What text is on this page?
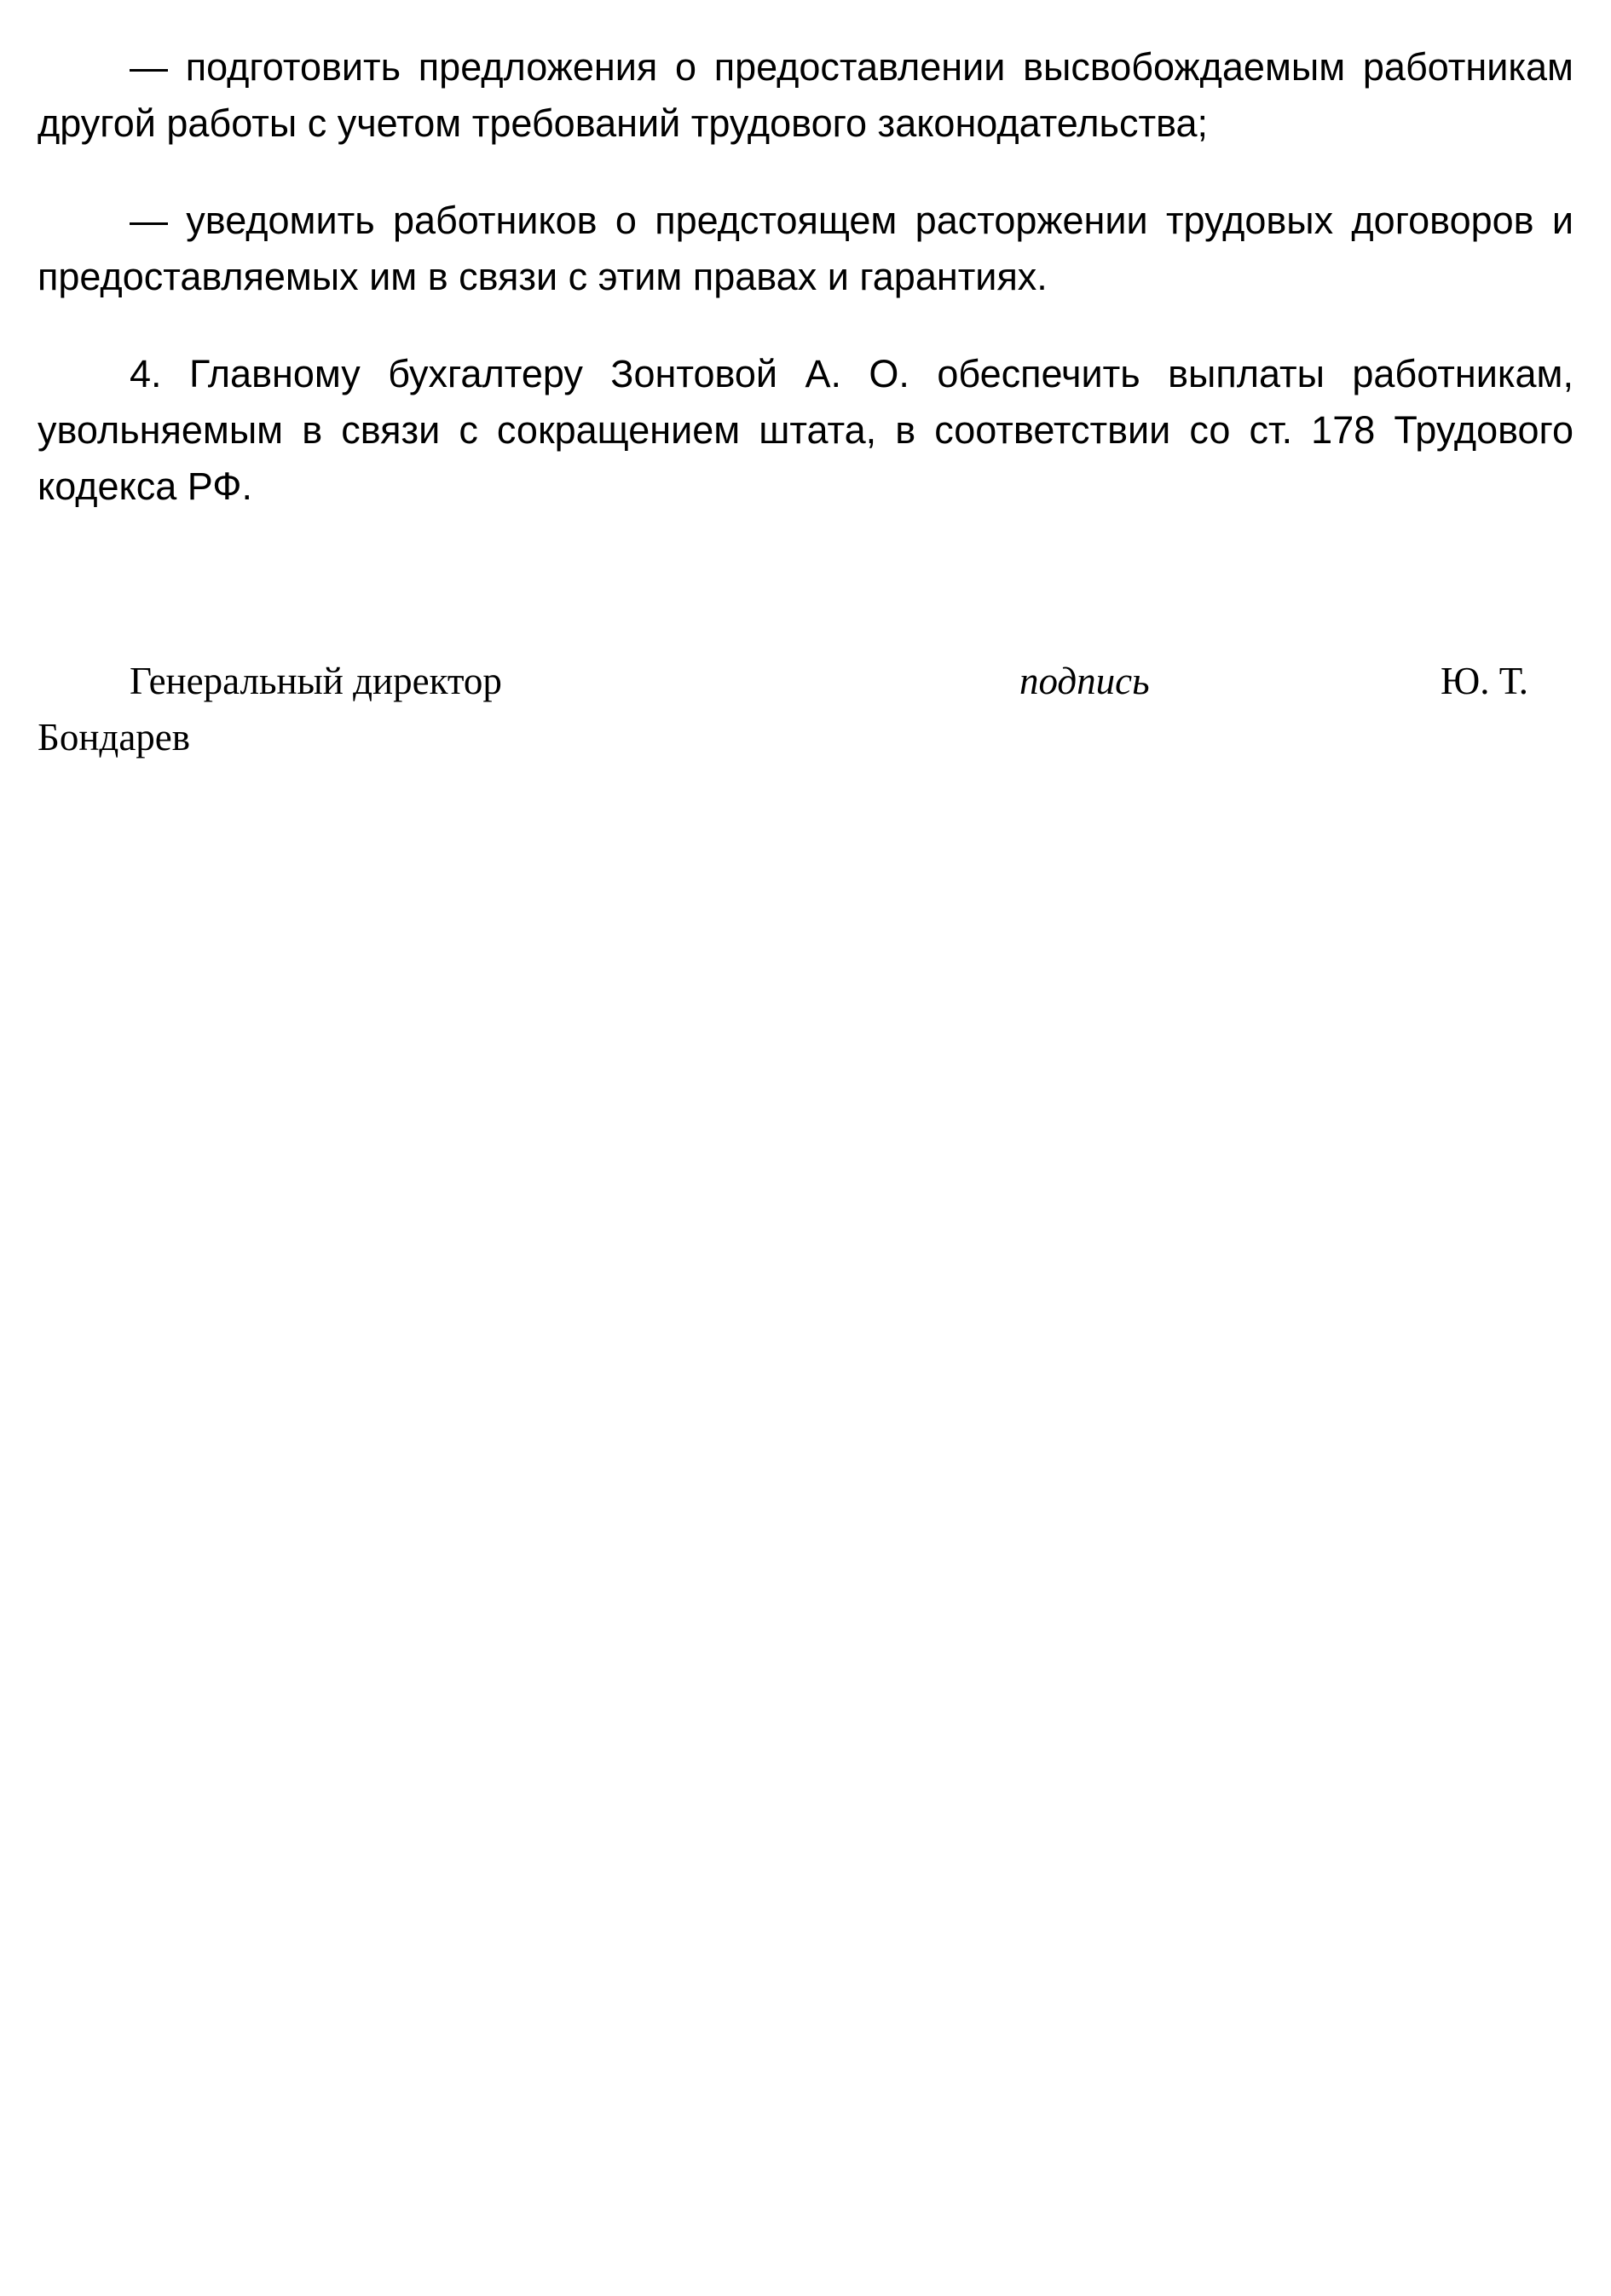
— подготовить предложения о предоставлении высвобождаемым работникам другой работы с учетом требований трудового законодательства;

— уведомить работников о предстоящем расторжении трудовых договоров и предоставляемых им в связи с этим правах и гарантиях.

4. Главному бухгалтеру Зонтовой А. О. обеспечить выплаты работникам, увольняемым в связи с сокращением штата, в соответствии со ст. 178 Трудового кодекса РФ.

Генеральный директор	подпись	Ю. Т.
Бондарев
